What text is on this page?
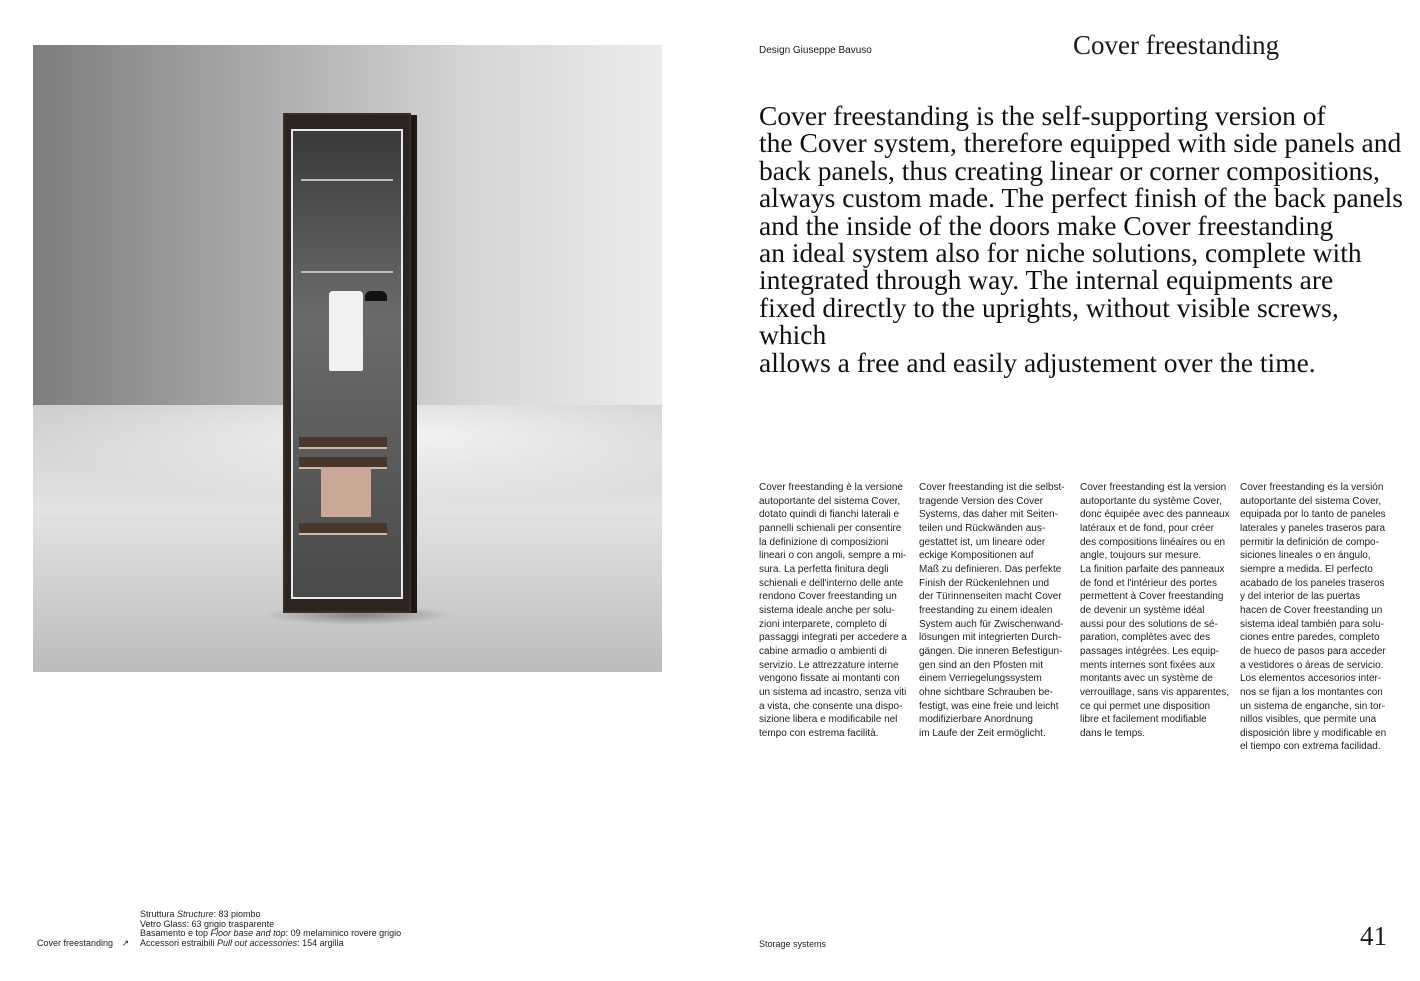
Design Giuseppe Bavuso	Cover freestanding
Cover freestanding is the self-supporting version of
the Cover system, therefore equipped with side panels and
back panels, thus creating linear or corner compositions,
always custom made. The perfect finish of the back panels
and the inside of the doors make Cover freestanding
an ideal system also for niche solutions, complete with
integrated through way. The internal equipments are
fixed directly to the uprights, without visible screws, which
allows a free and easily adjustement over the time.
Cover freestanding è la versione
autoportante del sistema Cover,
dotato quindi di fianchi laterali e
pannelli schienali per consentire
la definizione di composizioni
lineari o con angoli, sempre a mi-
sura. La perfetta finitura degli
schienali e dell'interno delle ante
rendono Cover freestanding un
sistema ideale anche per solu-
zioni interparete, completo di
passaggi integrati per accedere a
cabine armadio o ambienti di
servizio. Le attrezzature interne
vengono fissate ai montanti con
un sistema ad incastro, senza viti
a vista, che consente una dispo-
sizione libera e modificabile nel
tempo con estrema facilità.
Cover freestanding ist die selbst-
tragende Version des Cover
Systems, das daher mit Seiten-
teilen und Rückwänden aus-
gestattet ist, um lineare oder
eckige Kompositionen auf
Maß zu definieren. Das perfekte
Finish der Rückenlehnen und
der Türinnenseiten macht Cover
freestanding zu einem idealen
System auch für Zwischenwand-
lösungen mit integrierten Durch-
gängen. Die inneren Befestigun-
gen sind an den Pfosten mit
einem Verriegelungssystem
ohne sichtbare Schrauben be-
festigt, was eine freie und leicht
modifizierbare Anordnung
im Laufe der Zeit ermöglicht.
Cover freestanding est la version
autoportante du système Cover,
donc équipée avec des panneaux
latéraux et de fond, pour créer
des compositions linéaires ou en
angle, toujours sur mesure.
La finition parfaite des panneaux
de fond et l'intérieur des portes
permettent à Cover freestanding
de devenir un système idéal
aussi pour des solutions de sé-
paration, complètes avec des
passages intégrées. Les equip-
ments internes sont fixées aux
montants avec un système de
verrouillage, sans vis apparentes,
ce qui permet une disposition
libre et facilement modifiable
dans le temps.
Cover freestanding es la versión
autoportante del sistema Cover,
equipada por lo tanto de paneles
laterales y paneles traseros para
permitir la definición de compo-
siciones lineales o en ángulo,
siempre a medida. El perfecto
acabado de los paneles traseros
y del interior de las puertas
hacen de Cover freestanding un
sistema ideal también para solu-
ciones entre paredes, completo
de hueco de pasos para acceder
a vestidores o áreas de servicio.
Los elementos accesorios inter-
nos se fijan a los montantes con
un sistema de enganche, sin tor-
nillos visibles, que permite una
disposición libre y modificable en
el tiempo con extrema facilidad.
Cover freestanding ↗
Struttura Structure: 83 piombo
Vetro Glass: 63 grigio trasparente
Basamento e top Floor base and top: 09 melaminico rovere grigio
Accessori estraibili Pull out accessories: 154 argilla	Storage systems	41
